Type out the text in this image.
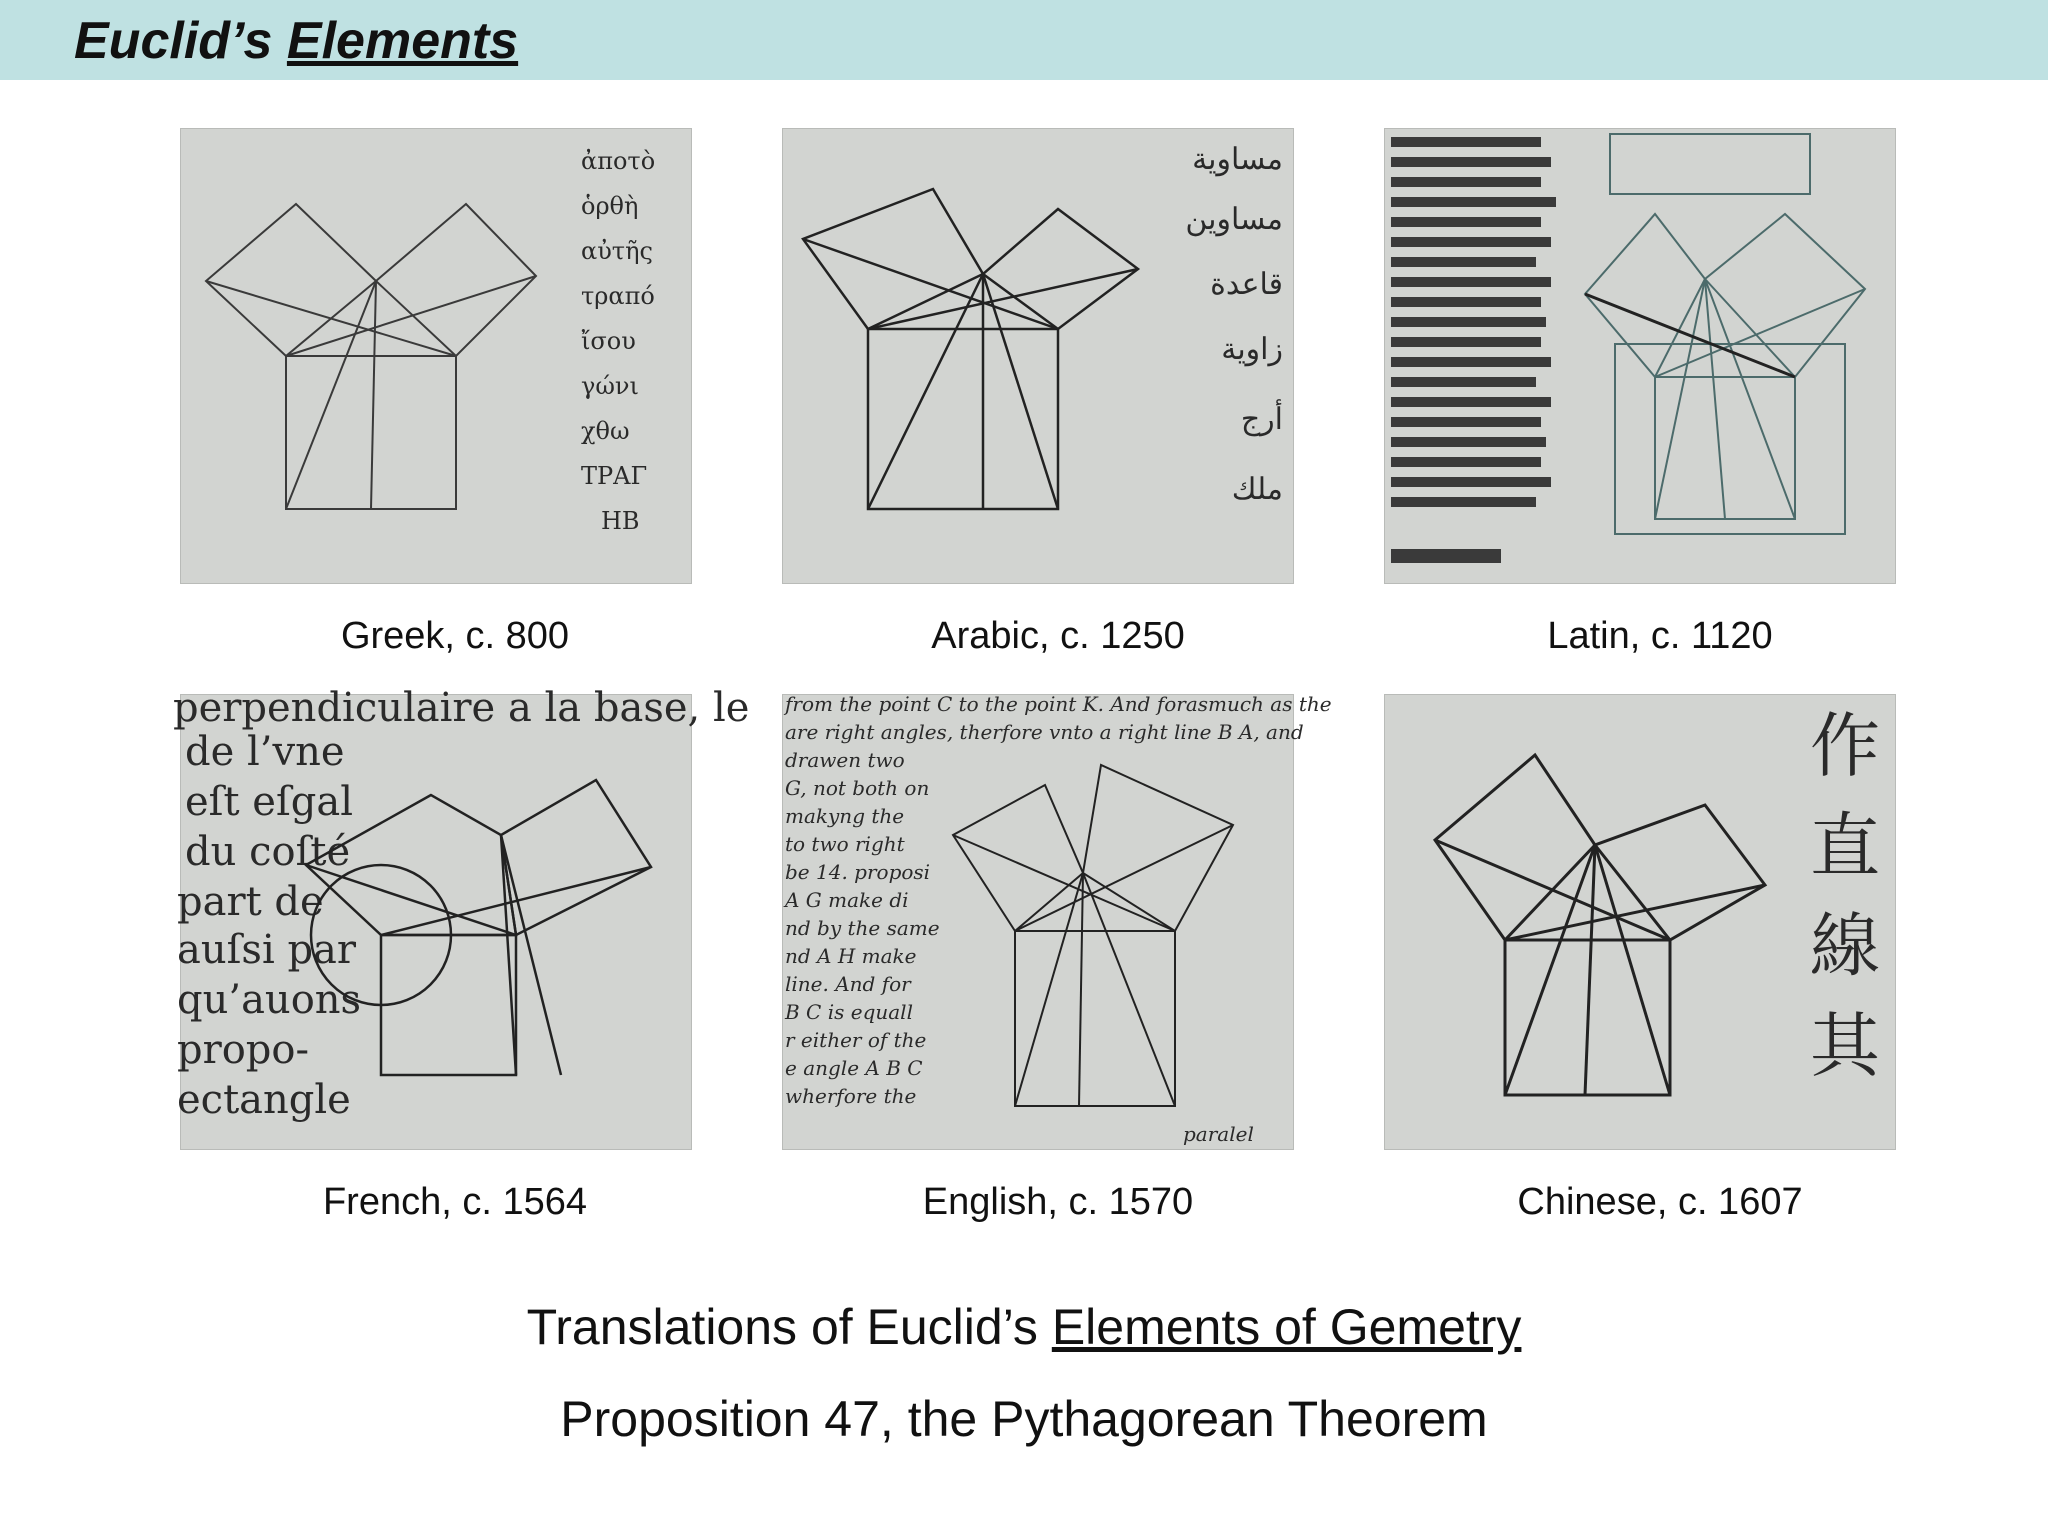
Euclid’s Elements
ἀποτὸ
ὁρθὴ
αὐτῆς
τραπό
ἴσου
γώνι
χθω
ΤΡΑΓ
ΗΒ
Greek, c. 800
مساوية
مساوين
قاعدة
زاوية
أرج
ملك
Arabic, c. 1250	Latin, c. 1120
perpendiculaire a la base, le
de l’vne
eſt eſgal
du coſté
part de
auſsi par
qu’auons
propo-
ectangle
French, c. 1564
from the point C to the point K. And forasmuch as the
are right angles, therfore vnto a right line B A, and
drawen two
G, not both on
makyng the
to two right
be 14. proposi
A G make di
nd by the same
nd A H make
line. And for
B C is equall
r either of the
e angle A B C
wherfore the
paralel
English, c. 1570
作
直
線
其
Chinese, c. 1607
Translations of Euclid’s Elements of Gemetry
Proposition 47, the Pythagorean Theorem
